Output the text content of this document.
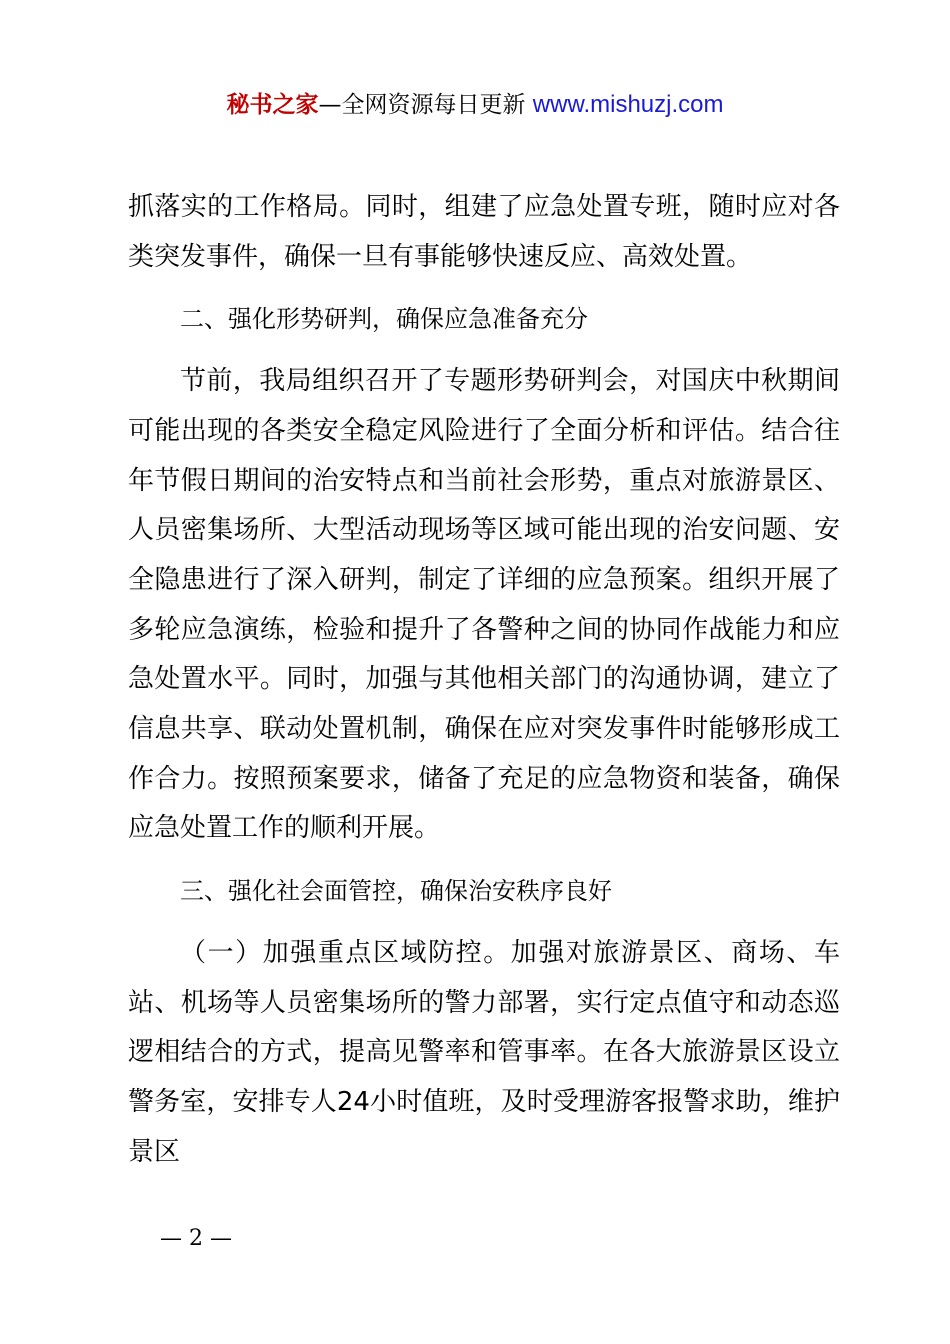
秘书之家—全网资源每日更新 www.mishuzj.com

抓落实的工作格局。同时，组建了应急处置专班，随时应对各类突发事件，确保一旦有事能够快速反应、高效处置。

二、强化形势研判，确保应急准备充分

节前，我局组织召开了专题形势研判会，对国庆中秋期间可能出现的各类安全稳定风险进行了全面分析和评估。结合往年节假日期间的治安特点和当前社会形势，重点对旅游景区、人员密集场所、大型活动现场等区域可能出现的治安问题、安全隐患进行了深入研判，制定了详细的应急预案。组织开展了多轮应急演练，检验和提升了各警种之间的协同作战能力和应急处置水平。同时，加强与其他相关部门的沟通协调，建立了信息共享、联动处置机制，确保在应对突发事件时能够形成工作合力。按照预案要求，储备了充足的应急物资和装备，确保应急处置工作的顺利开展。

三、强化社会面管控，确保治安秩序良好

（一）加强重点区域防控。加强对旅游景区、商场、车站、机场等人员密集场所的警力部署，实行定点值守和动态巡逻相结合的方式，提高见警率和管事率。在各大旅游景区设立警务室，安排专人24小时值班，及时受理游客报警求助，维护景区

— 2 —
